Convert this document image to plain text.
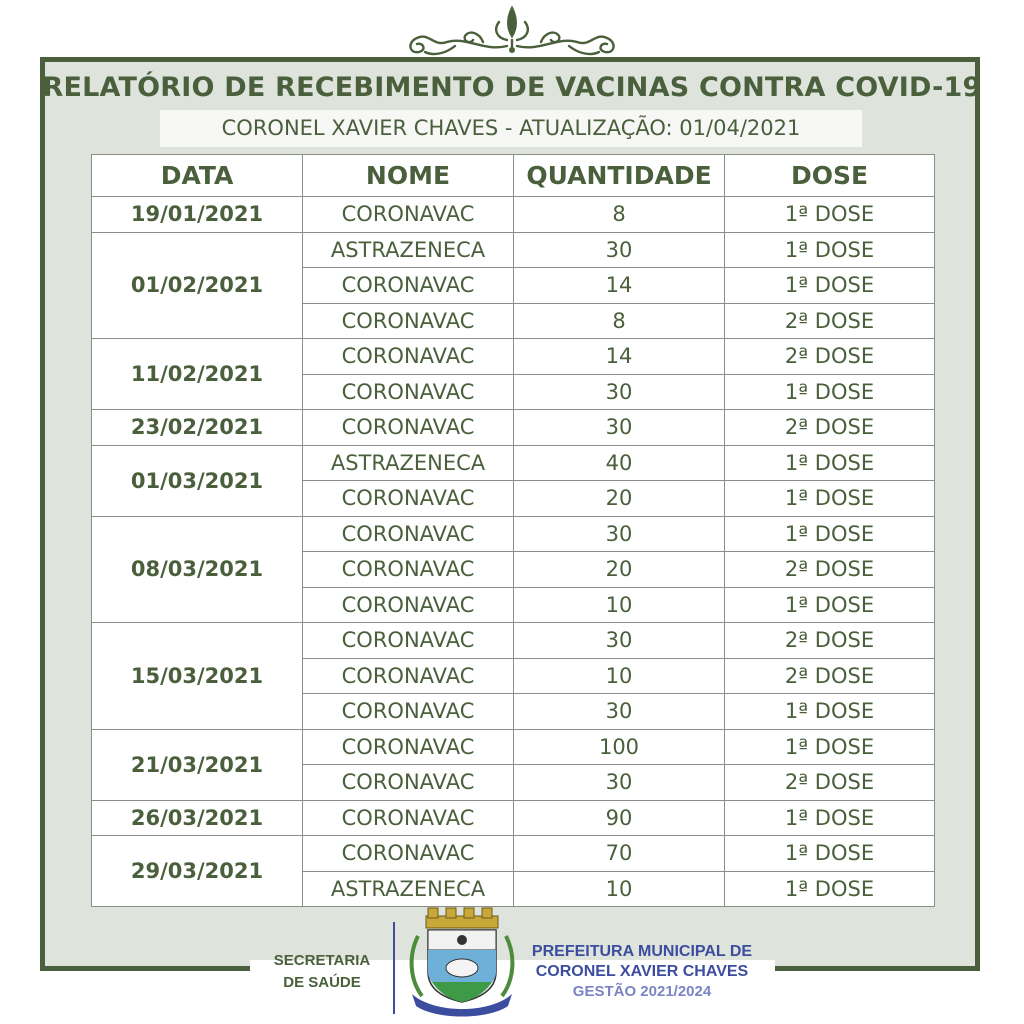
RELATÓRIO DE RECEBIMENTO DE VACINAS CONTRA COVID-19
CORONEL XAVIER CHAVES - ATUALIZAÇÃO: 01/04/2021
DATA	NOME	QUANTIDADE	DOSE
19/01/2021	CORONAVAC	8	1ª DOSE
01/02/2021	ASTRAZENECA	30	1ª DOSE
	CORONAVAC	14	1ª DOSE
	CORONAVAC	8	2ª DOSE
11/02/2021	CORONAVAC	14	2ª DOSE
	CORONAVAC	30	1ª DOSE
23/02/2021	CORONAVAC	30	2ª DOSE
01/03/2021	ASTRAZENECA	40	1ª DOSE
	CORONAVAC	20	1ª DOSE
08/03/2021	CORONAVAC	30	1ª DOSE
	CORONAVAC	20	2ª DOSE
	CORONAVAC	10	1ª DOSE
15/03/2021	CORONAVAC	30	2ª DOSE
	CORONAVAC	10	2ª DOSE
	CORONAVAC	30	1ª DOSE
21/03/2021	CORONAVAC	100	1ª DOSE
	CORONAVAC	30	2ª DOSE
26/03/2021	CORONAVAC	90	1ª DOSE
29/03/2021	CORONAVAC	70	1ª DOSE
	ASTRAZENECA	10	1ª DOSE
SECRETARIA
DE SAÚDE
PREFEITURA MUNICIPAL DE
CORONEL XAVIER CHAVES
GESTÃO 2021/2024
